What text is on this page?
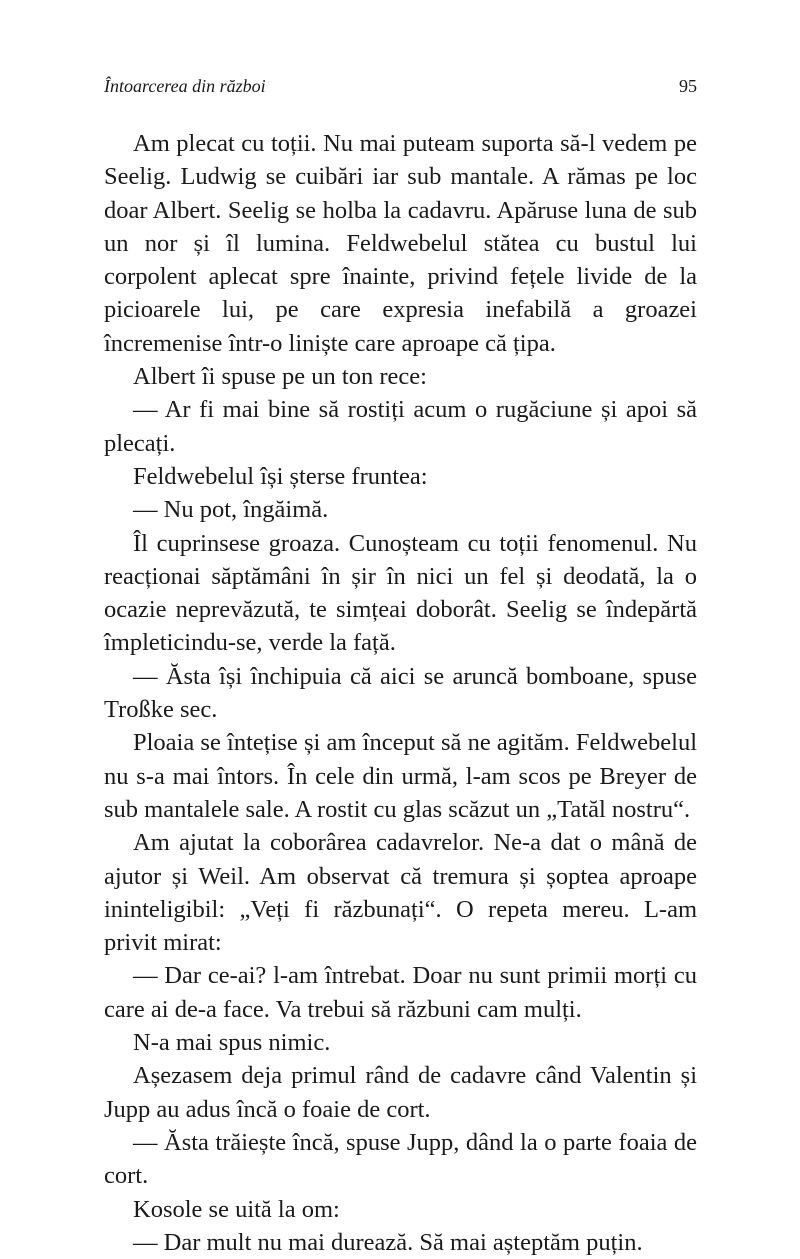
Întoarcerea din război	95

Am plecat cu toții. Nu mai puteam suporta să-l vedem pe Seelig. Ludwig se cuibări iar sub mantale. A rămas pe loc doar Albert. Seelig se holba la cadavru. Apăruse luna de sub un nor și îl lumina. Feldwebelul stătea cu bustul lui corpolent aplecat spre înainte, privind fețele livide de la picioarele lui, pe care expresia inefabilă a groazei încremenise într-o liniște care aproape că țipa.

Albert îi spuse pe un ton rece:

— Ar fi mai bine să rostiți acum o rugăciune și apoi să plecați.

Feldwebelul își șterse fruntea:

— Nu pot, îngăimă.

Îl cuprinsese groaza. Cunoșteam cu toții fenomenul. Nu reacționai săptămâni în șir în nici un fel și deodată, la o ocazie neprevăzută, te simțeai doborât. Seelig se îndepărtă împleticindu-se, verde la față.

— Ăsta își închipuia că aici se aruncă bomboane, spuse Troßke sec.

Ploaia se întețise și am început să ne agităm. Feldwebelul nu s-a mai întors. În cele din urmă, l-am scos pe Breyer de sub mantalele sale. A rostit cu glas scăzut un „Tatăl nostru“.

Am ajutat la coborârea cadavrelor. Ne-a dat o mână de ajutor și Weil. Am observat că tremura și șoptea aproape ininteligibil: „Veți fi răzbunați“. O repeta mereu. L-am privit mirat:

— Dar ce-ai? l-am întrebat. Doar nu sunt primii morți cu care ai de-a face. Va trebui să răzbuni cam mulți.

N-a mai spus nimic.

Așezasem deja primul rând de cadavre când Valentin și Jupp au adus încă o foaie de cort.

— Ăsta trăiește încă, spuse Jupp, dând la o parte foaia de cort.

Kosole se uită la om:

— Dar mult nu mai durează. Să mai așteptăm puțin.
